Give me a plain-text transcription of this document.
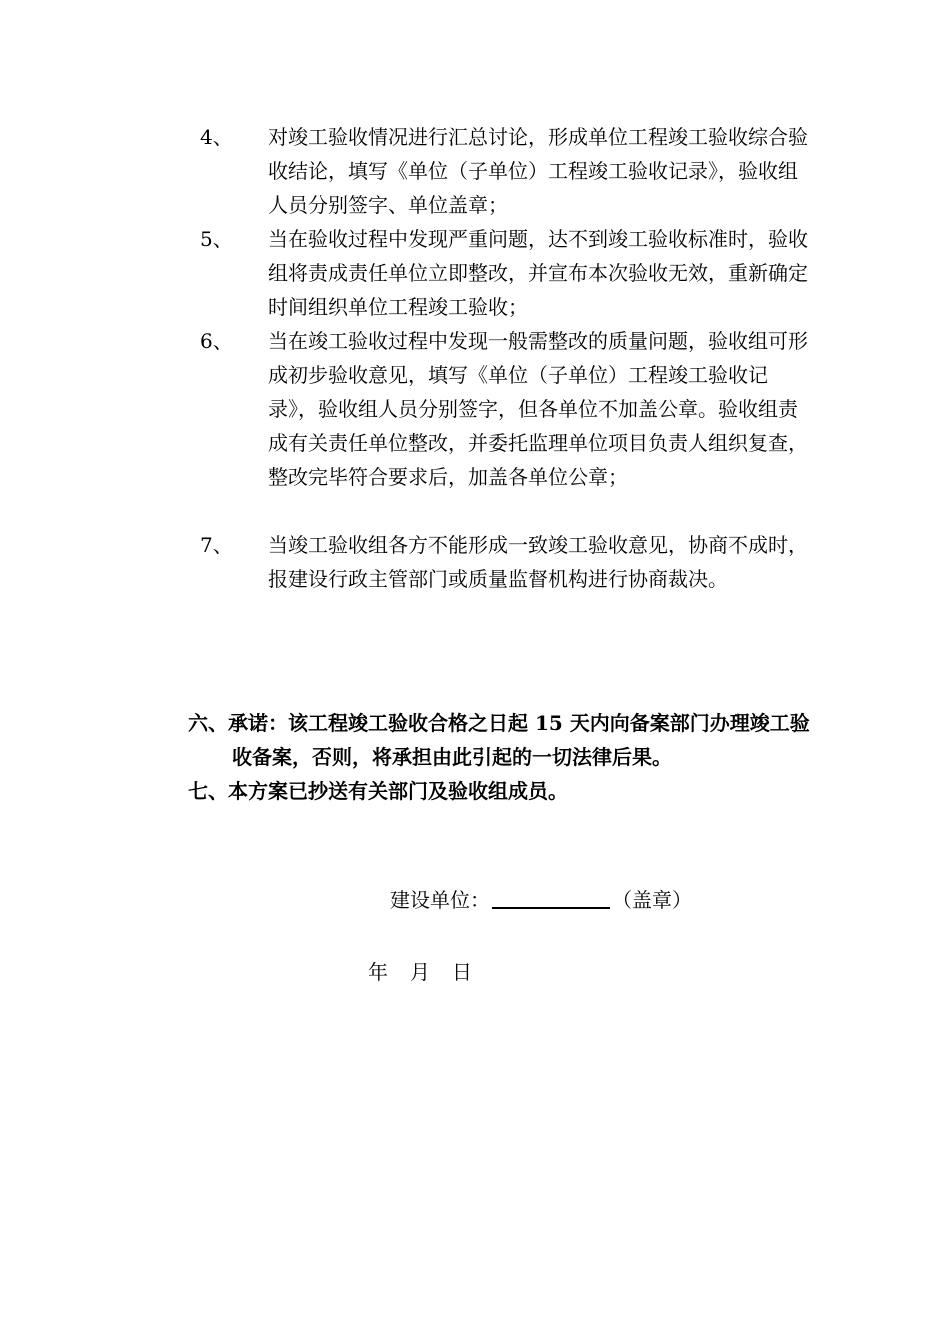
4、 对竣工验收情况进行汇总讨论，形成单位工程竣工验收综合验收结论，填写《单位（子单位）工程竣工验收记录》，验收组人员分别签字、单位盖章；

5、 当在验收过程中发现严重问题，达不到竣工验收标准时，验收组将责成责任单位立即整改，并宣布本次验收无效，重新确定时间组织单位工程竣工验收；

6、 当在竣工验收过程中发现一般需整改的质量问题，验收组可形成初步验收意见，填写《单位（子单位）工程竣工验收记录》，验收组人员分别签字，但各单位不加盖公章。验收组责成有关责任单位整改，并委托监理单位项目负责人组织复查，整改完毕符合要求后，加盖各单位公章；

7、 当竣工验收组各方不能形成一致竣工验收意见，协商不成时，报建设行政主管部门或质量监督机构进行协商裁决。

六、承诺：该工程竣工验收合格之日起 15 天内向备案部门办理竣工验收备案，否则，将承担由此引起的一切法律后果。

七、本方案已抄送有关部门及验收组成员。

建设单位：	（盖章）
年 月 日
